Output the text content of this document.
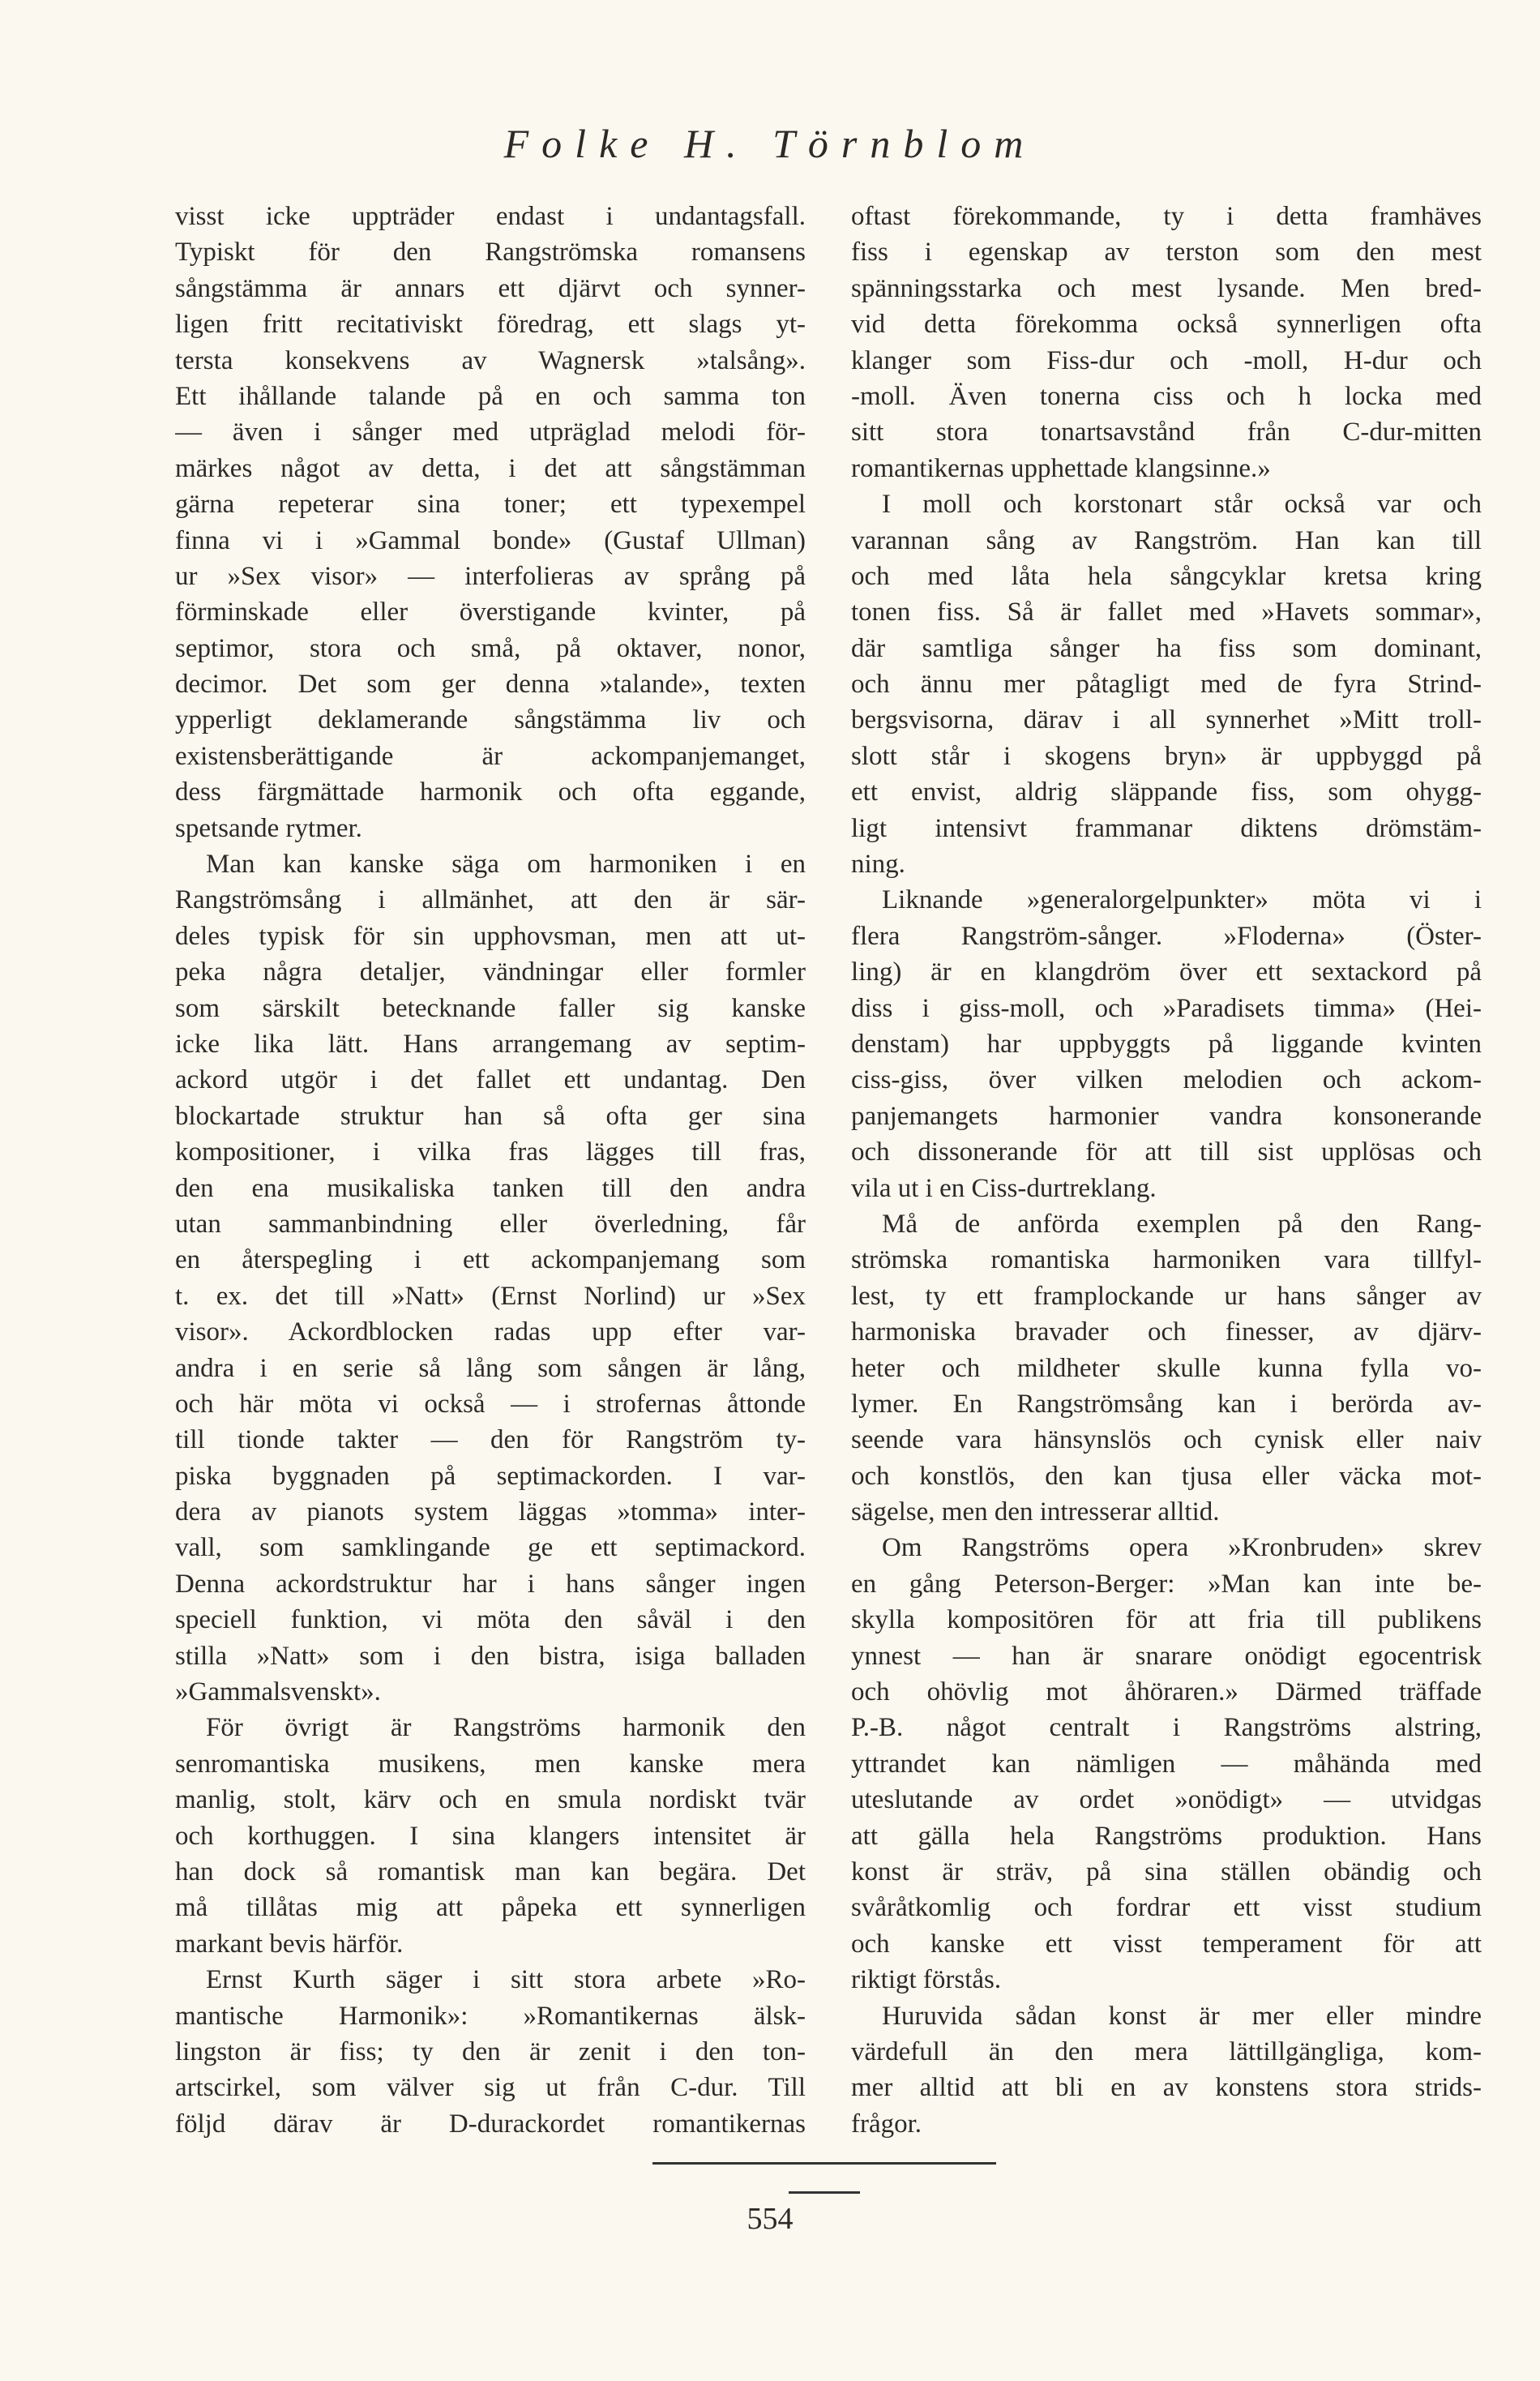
Folke H. Törnblom
visst icke uppträder endast i undantagsfall.
Typiskt för den Rangströmska romansens
sångstämma är annars ett djärvt och synner-
ligen fritt recitativiskt föredrag, ett slags yt-
tersta konsekvens av Wagnersk »talsång».
Ett ihållande talande på en och samma ton
— även i sånger med utpräglad melodi för-
märkes något av detta, i det att sångstämman
gärna repeterar sina toner; ett typexempel
finna vi i »Gammal bonde» (Gustaf Ullman)
ur »Sex visor» — interfolieras av språng på
förminskade eller överstigande kvinter, på
septimor, stora och små, på oktaver, nonor,
decimor. Det som ger denna »talande», texten
ypperligt deklamerande sångstämma liv och
existensberättigande är ackompanjemanget,
dess färgmättade harmonik och ofta eggande,
spetsande rytmer.
Man kan kanske säga om harmoniken i en
Rangströmsång i allmänhet, att den är sär-
deles typisk för sin upphovsman, men att ut-
peka några detaljer, vändningar eller formler
som särskilt betecknande faller sig kanske
icke lika lätt. Hans arrangemang av septim-
ackord utgör i det fallet ett undantag. Den
blockartade struktur han så ofta ger sina
kompositioner, i vilka fras lägges till fras,
den ena musikaliska tanken till den andra
utan sammanbindning eller överledning, får
en återspegling i ett ackompanjemang som
t. ex. det till »Natt» (Ernst Norlind) ur »Sex
visor». Ackordblocken radas upp efter var-
andra i en serie så lång som sången är lång,
och här möta vi också — i strofernas åttonde
till tionde takter — den för Rangström ty-
piska byggnaden på septimackorden. I var-
dera av pianots system läggas »tomma» inter-
vall, som samklingande ge ett septimackord.
Denna ackordstruktur har i hans sånger ingen
speciell funktion, vi möta den såväl i den
stilla »Natt» som i den bistra, isiga balladen
»Gammalsvenskt».
För övrigt är Rangströms harmonik den
senromantiska musikens, men kanske mera
manlig, stolt, kärv och en smula nordiskt tvär
och korthuggen. I sina klangers intensitet är
han dock så romantisk man kan begära. Det
må tillåtas mig att påpeka ett synnerligen
markant bevis härför.
Ernst Kurth säger i sitt stora arbete »Ro-
mantische Harmonik»: »Romantikernas älsk-
lingston är fiss; ty den är zenit i den ton-
artscirkel, som välver sig ut från C-dur. Till
följd därav är D-durackordet romantikernas
oftast förekommande, ty i detta framhäves
fiss i egenskap av terston som den mest
spänningsstarka och mest lysande. Men bred-
vid detta förekomma också synnerligen ofta
klanger som Fiss-dur och -moll, H-dur och
-moll. Även tonerna ciss och h locka med
sitt stora tonartsavstånd från C-dur-mitten
romantikernas upphettade klangsinne.»
I moll och korstonart står också var och
varannan sång av Rangström. Han kan till
och med låta hela sångcyklar kretsa kring
tonen fiss. Så är fallet med »Havets sommar»,
där samtliga sånger ha fiss som dominant,
och ännu mer påtagligt med de fyra Strind-
bergsvisorna, därav i all synnerhet »Mitt troll-
slott står i skogens bryn» är uppbyggd på
ett envist, aldrig släppande fiss, som ohygg-
ligt intensivt frammanar diktens drömstäm-
ning.
Liknande »generalorgelpunkter» möta vi i
flera Rangström-sånger. »Floderna» (Öster-
ling) är en klangdröm över ett sextackord på
diss i giss-moll, och »Paradisets timma» (Hei-
denstam) har uppbyggts på liggande kvinten
ciss-giss, över vilken melodien och ackom-
panjemangets harmonier vandra konsonerande
och dissonerande för att till sist upplösas och
vila ut i en Ciss-durtreklang.
Må de anförda exemplen på den Rang-
strömska romantiska harmoniken vara tillfyl-
lest, ty ett framplockande ur hans sånger av
harmoniska bravader och finesser, av djärv-
heter och mildheter skulle kunna fylla vo-
lymer. En Rangströmsång kan i berörda av-
seende vara hänsynslös och cynisk eller naiv
och konstlös, den kan tjusa eller väcka mot-
sägelse, men den intresserar alltid.
Om Rangströms opera »Kronbruden» skrev
en gång Peterson-Berger: »Man kan inte be-
skylla kompositören för att fria till publikens
ynnest — han är snarare onödigt egocentrisk
och ohövlig mot åhöraren.» Därmed träffade
P.-B. något centralt i Rangströms alstring,
yttrandet kan nämligen — måhända med
uteslutande av ordet »onödigt» — utvidgas
att gälla hela Rangströms produktion. Hans
konst är sträv, på sina ställen obändig och
svåråtkomlig och fordrar ett visst studium
och kanske ett visst temperament för att
riktigt förstås.
Huruvida sådan konst är mer eller mindre
värdefull än den mera lättillgängliga, kom-
mer alltid att bli en av konstens stora strids-
frågor.
554
